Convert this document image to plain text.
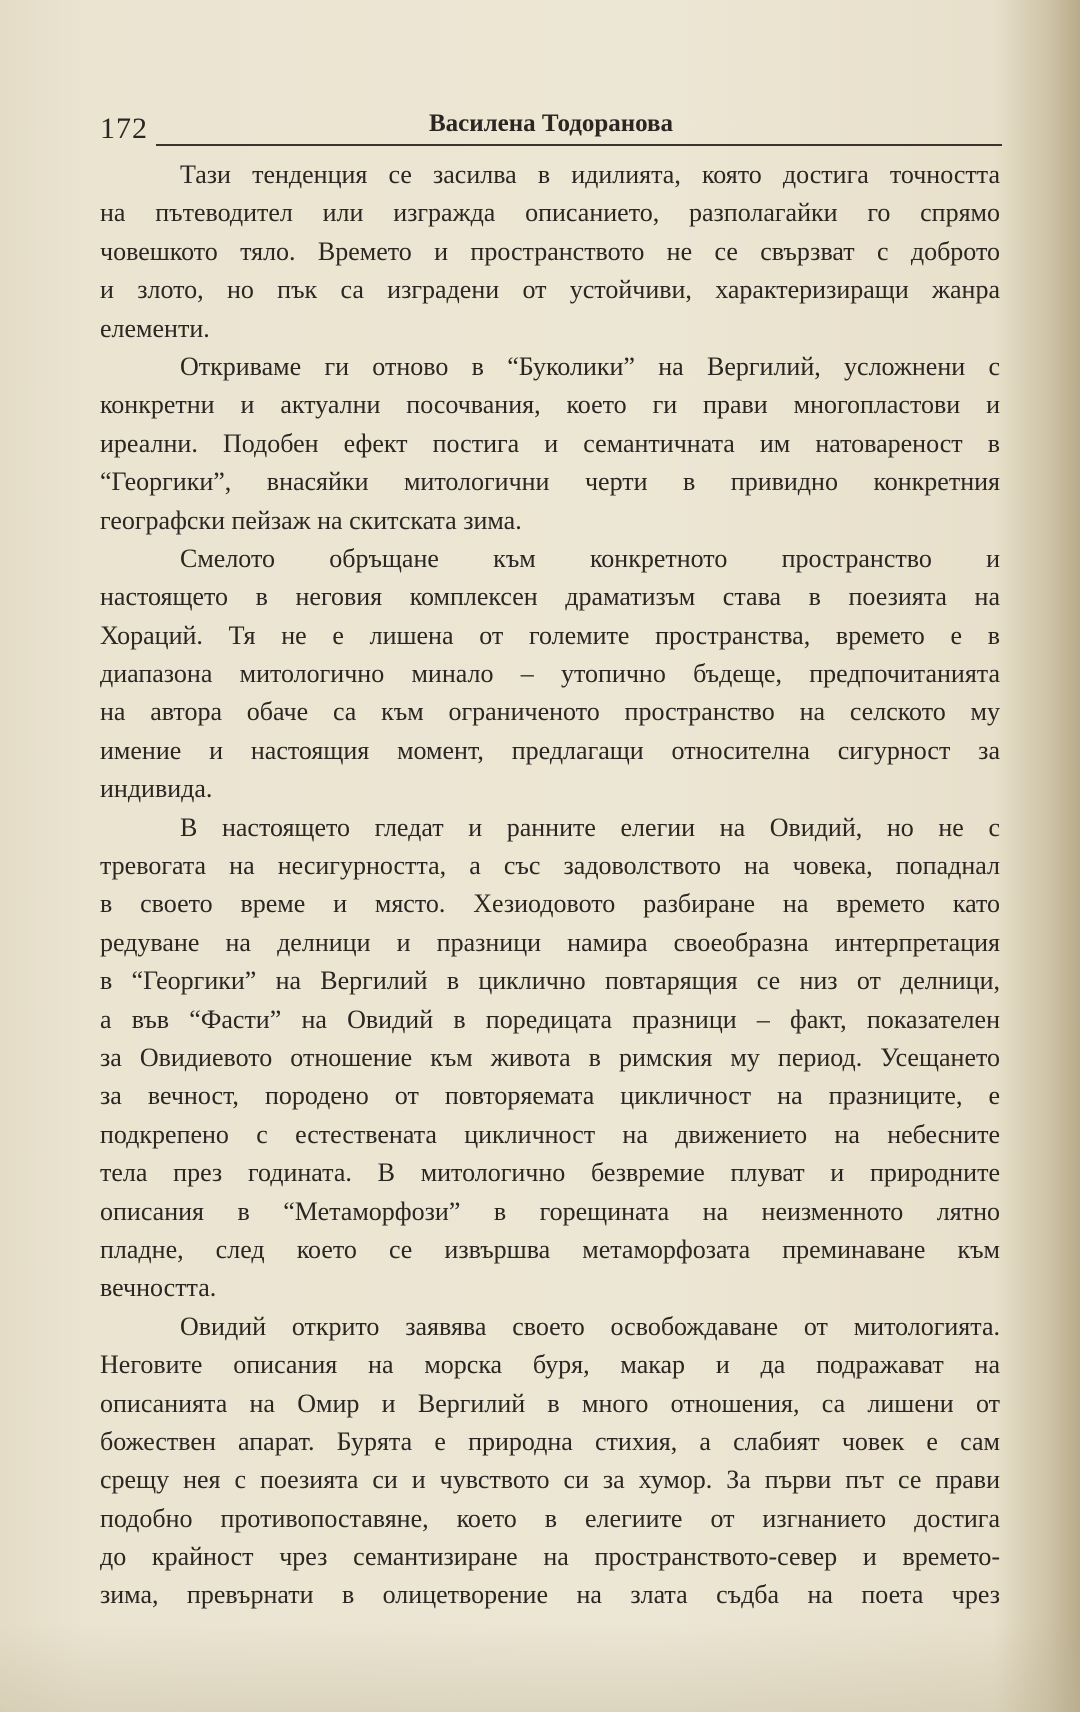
172	Василена Тодоранова
Тази тенденция се засилва в идилията, която достига точността
на пътеводител или изгражда описанието, разполагайки го спрямо
човешкото тяло. Времето и пространството не се свързват с доброто
и злото, но пък са изградени от устойчиви, характеризиращи жанра
елементи.
Откриваме ги отново в “Буколики” на Вергилий, усложнени с
конкретни и актуални посочвания, което ги прави многопластови и
иреални. Подобен ефект постига и семантичната им натовареност в
“Георгики”, внасяйки митологични черти в привидно конкретния
географски пейзаж на скитската зима.
Смелото обръщане към конкретното пространство и
настоящето в неговия комплексен драматизъм става в поезията на
Хораций. Тя не е лишена от големите пространства, времето е в
диапазона митологично минало – утопично бъдеще, предпочитанията
на автора обаче са към ограниченото пространство на селското му
имение и настоящия момент, предлагащи относителна сигурност за
индивида.
В настоящето гледат и ранните елегии на Овидий, но не с
тревогата на несигурността, а със задоволството на човека, попаднал
в своето време и място. Хезиодовото разбиране на времето като
редуване на делници и празници намира своеобразна интерпретация
в “Георгики” на Вергилий в циклично повтарящия се низ от делници,
а във “Фасти” на Овидий в поредицата празници – факт, показателен
за Овидиевото отношение към живота в римския му период. Усещането
за вечност, породено от повторяемата цикличност на празниците, е
подкрепено с естествената цикличност на движението на небесните
тела през годината. В митологично безвремие плуват и природните
описания в “Метаморфози” в горещината на неизменното лятно
пладне, след което се извършва метаморфозата преминаване към
вечността.
Овидий открито заявява своето освобождаване от митологията.
Неговите описания на морска буря, макар и да подражават на
описанията на Омир и Вергилий в много отношения, са лишени от
божествен апарат. Бурята е природна стихия, а слабият човек е сам
срещу нея с поезията си и чувството си за хумор. За първи път се прави
подобно противопоставяне, което в елегиите от изгнанието достига
до крайност чрез семантизиране на пространството-север и времето-
зима, превърнати в олицетворение на злата съдба на поета чрез
